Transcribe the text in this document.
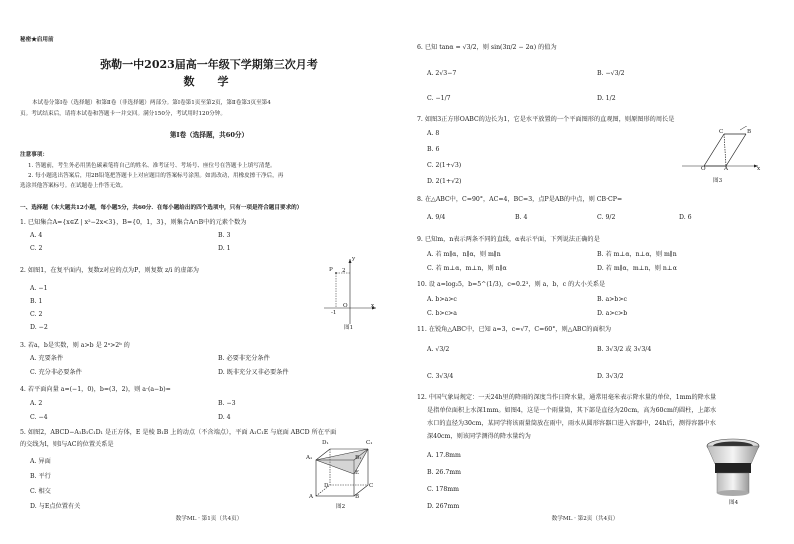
秘密★启用前
弥勒一中2023届高一年级下学期第三次月考
数　学
本试卷分第Ⅰ卷（选择题）和第Ⅱ卷（非选择题）两部分。第Ⅰ卷第1页至第2页，第Ⅱ卷第3页至第4
页。考试结束后，请将本试卷和答题卡一并交回。满分150分，考试用时120分钟。
第Ⅰ卷（选择题，共60分）
注意事项：
1. 答题前，考生务必用黑色碳素笔将自己的姓名、准考证号、考场号、座位号在答题卡上填写清楚。
2. 每小题选出答案后，用2B铅笔把答题卡上对应题目的答案标号涂黑。如需改动，用橡皮擦干净后，再
选涂其他答案标号。在试题卷上作答无效。
一、选择题（本大题共12小题，每小题5分，共60分．在每小题给出的四个选项中，只有一项是符合题目要求的）
1. 已知集合A={x∈Z | x²−2x<3}，B={0，1，3}，则集合A∩B中的元素个数为
A. 4	B. 3
C. 2	D. 1
2. 如图1，在复平面内，复数z对应的点为P，则复数 z/i 的虚部为
A. −1
B. 1
C. 2
D. −2
P 2
-1
O	x
y
图1
3. 若a，b是实数，则 a>b 是 2ᵃ>2ᵇ 的
A. 充要条件	B. 必要非充分条件
C. 充分非必要条件	D. 既非充分又非必要条件
4. 若平面向量 a=(−1，0)，b=(3，2)，则 a·(a−b)=
A. 2	B. −3
C. −4	D. 4
5. 如图2，ABCD−A₁B₁C₁D₁ 是正方体，E 是棱 B₁B 上的动点（不含端点），平面 A₁C₁E 与底面 ABCD 所在平面
的交线为l，则l与AC的位置关系是
A. 异面
B. 平行
C. 相交
D. 与E点位置有关
D₁	C₁
A₁	B₁
E
D	C
A	B
图2
数学ML · 第1页（共4页）
6. 已知 tanα = √3/2，则 sin(3π/2 − 2α) 的值为
A. 2√3−7	B. −√3/2
C. −1/7	D. 1/2
7. 如图3正方形OABC的边长为1，它是水平放置的一个平面图形的直观图，则原图形的周长是
A. 8
B. 6
C. 2(1+√3)
D. 2(1+√2)
C	B
O	A	x
图3
8. 在△ABC中，C=90°，AC=4，BC=3，点P是AB的中点，则 CB·CP=
A. 9/4	B. 4	C. 9/2	D. 6
9. 已知m，n表示两条不同的直线，α表示平面，下列说法正确的是
A. 若 m∥α，n∥α，则 m∥n	B. 若 m⊥α，n⊥α，则 m∥n
C. 若 m⊥α，m⊥n，则 n∥α	D. 若 m∥α，m⊥n，则 n⊥α
10. 设 a=log₂5，b=5^(1/3)，c=0.2³，则 a，b，c 的大小关系是
A. b>a>c	B. a>b>c
C. b>c>a	D. a>c>b
11. 在锐角△ABC中，已知 a=3，c=√7，C=60°，则△ABC的面积为
A. √3/2	B. 3√3/2 或 3√3/4
C. 3√3/4	D. 3√3/2
12. 中国气象局规定：一天24h里的降雨的深度当作日降水量，通常用毫米表示降水量的单位，1mm的降水量
是指单位面积上水深1mm。如图4，这是一个雨量筒，其下部是直径为20cm，高为60cm的圆柱，上部水
水口的直径为30cm，某同学将该雨量筒放在雨中，雨水从圆形容器口进入容器中，24h后，测得容器中水
深40cm，则该同学测得的降水量约为
A. 17.8mm
B. 26.7mm
C. 178mm
D. 267mm	图4
数学ML · 第2页（共4页）
